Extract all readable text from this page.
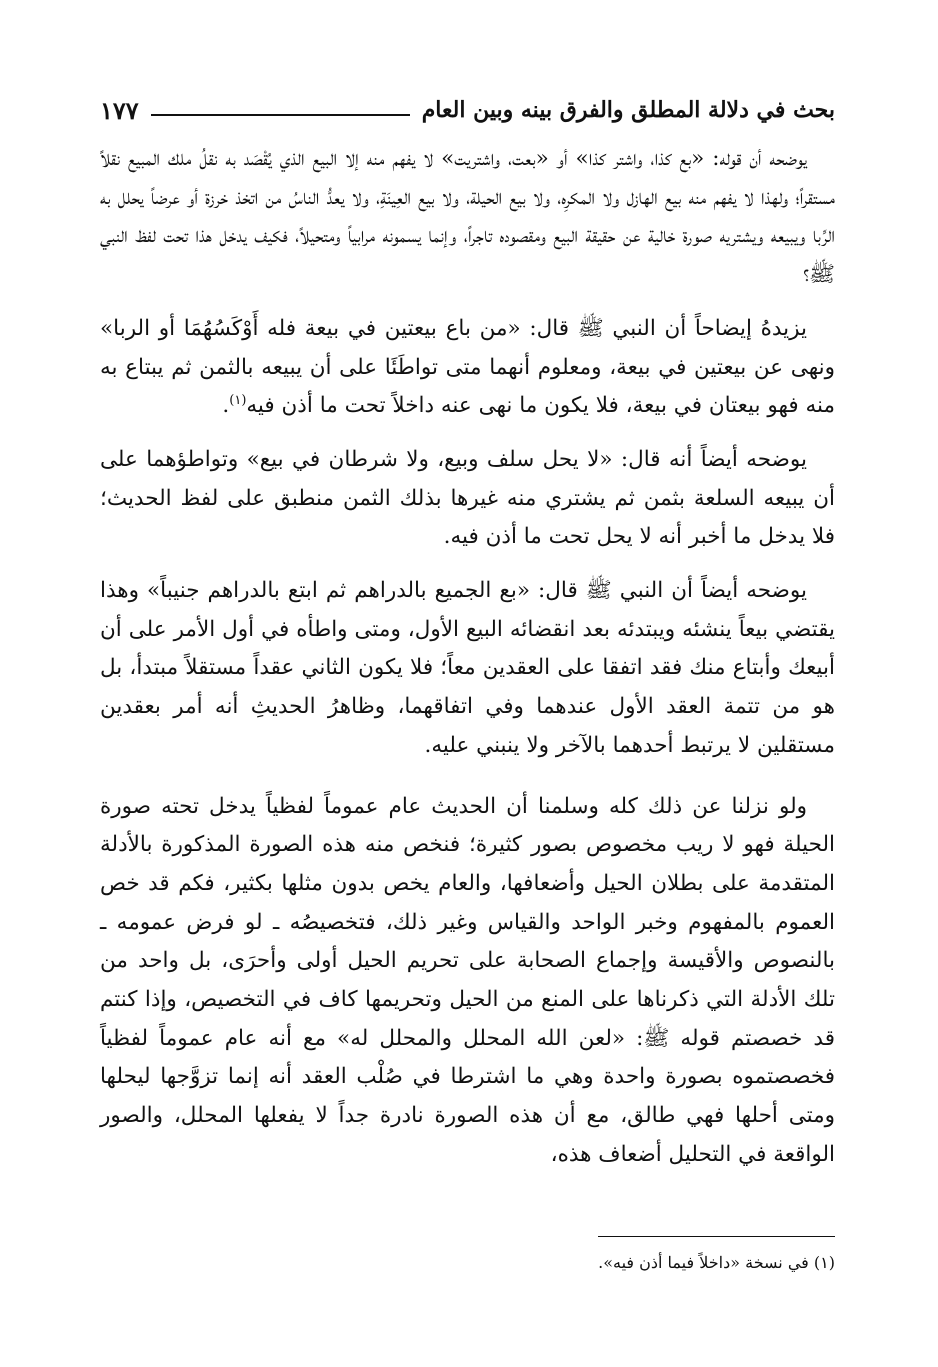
بحث في دلالة المطلق والفرق بينه وبين العام
١٧٧

يوضحه أن قوله: «بع كذا، واشتر كذا» أو «بعت، واشتريت» لا يفهم منه إلا البيع الذي يُقْصَد به نقلُ ملك المبيع نقلاً مستقراً؛ ولهذا لا يفهم منه بيع الهازل ولا المكرِه، ولا بيع الحيلة، ولا بيع العِينَةِ، ولا يعدُّ الناسُ من اتخذ خرزة أو عرضاً يحلل به الرِّبا ويبيعه ويشتريه صورة خالية عن حقيقة البيع ومقصوده تاجراً، وإنما يسمونه مرابياً ومتحيلاً، فكيف يدخل هذا تحت لفظ النبي ﷺ؟

يزيدهُ إيضاحاً أن النبي ﷺ قال: «من باع بيعتين في بيعة فله أَوْكَسُهُمَا أو الربا» ونهى عن بيعتين في بيعة، ومعلوم أنهما متى تواطَئَا على أن يبيعه بالثمن ثم يبتاع به منه فهو بيعتان في بيعة، فلا يكون ما نهى عنه داخلاً تحت ما أذن فيه$^{(١)}$.

يوضحه أيضاً أنه قال: «لا يحل سلف وبيع، ولا شرطان في بيع» وتواطؤهما على أن يبيعه السلعة بثمن ثم يشتري منه غيرها بذلك الثمن منطبق على لفظ الحديث؛ فلا يدخل ما أخبر أنه لا يحل تحت ما أذن فيه.

يوضحه أيضاً أن النبي ﷺ قال: «بع الجميع بالدراهم ثم ابتع بالدراهم جنيباً» وهذا يقتضي بيعاً ينشئه ويبتدئه بعد انقضائه البيع الأول، ومتى واطأه في أول الأمر على أن أبيعك وأبتاع منك فقد اتفقا على العقدين معاً؛ فلا يكون الثاني عقداً مستقلاً مبتدأ، بل هو من تتمة العقد الأول عندهما وفي اتفاقهما، وظاهرُ الحديثِ أنه أمر بعقدين مستقلين لا يرتبط أحدهما بالآخر ولا ينبني عليه.

ولو نزلنا عن ذلك كله وسلمنا أن الحديث عام عموماً لفظياً يدخل تحته صورة الحيلة فهو لا ريب مخصوص بصور كثيرة؛ فنخص منه هذه الصورة المذكورة بالأدلة المتقدمة على بطلان الحيل وأضعافها، والعام يخص بدون مثلها بكثير، فكم قد خص العموم بالمفهوم وخبر الواحد والقياس وغير ذلك، فتخصيصُه ـ لو فرض عمومه ـ بالنصوص والأقيسة وإجماع الصحابة على تحريم الحيل أولى وأحرَى، بل واحد من تلك الأدلة التي ذكرناها على المنع من الحيل وتحريمها كاف في التخصيص، وإذا كنتم قد خصصتم قوله ﷺ: «لعن الله المحلل والمحلل له» مع أنه عام عموماً لفظياً فخصصتموه بصورة واحدة وهي ما اشترطا في صُلْب العقد أنه إنما تزوَّجها ليحلها ومتى أحلها فهي طالق، مع أن هذه الصورة نادرة جداً لا يفعلها المحلل، والصور الواقعة في التحليل أضعاف هذه،

(١) في نسخة «داخلاً فيما أذن فيه».
